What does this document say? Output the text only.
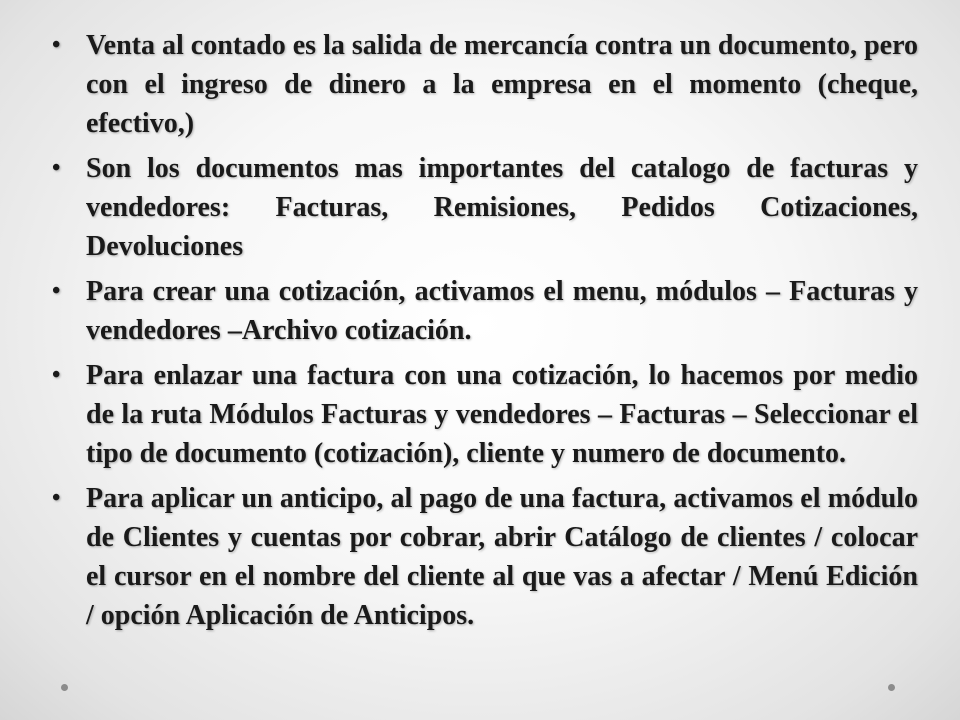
• Venta al contado es la salida de mercancía contra un documento, pero con el ingreso de dinero a la empresa en el momento (cheque, efectivo,)
• Son los documentos mas importantes del catalogo de facturas y vendedores: Facturas, Remisiones, Pedidos Cotizaciones, Devoluciones
• Para crear una cotización, activamos el menu, módulos – Facturas y vendedores –Archivo cotización.
• Para enlazar una factura con una cotización, lo hacemos por medio de la ruta Módulos Facturas y vendedores – Facturas – Seleccionar el tipo de documento (cotización), cliente y numero de documento.
• Para aplicar un anticipo, al pago de una factura, activamos el módulo de Clientes y cuentas por cobrar, abrir Catálogo de clientes / colocar el cursor en el nombre del cliente al que vas a afectar / Menú Edición / opción Aplicación de Anticipos.
